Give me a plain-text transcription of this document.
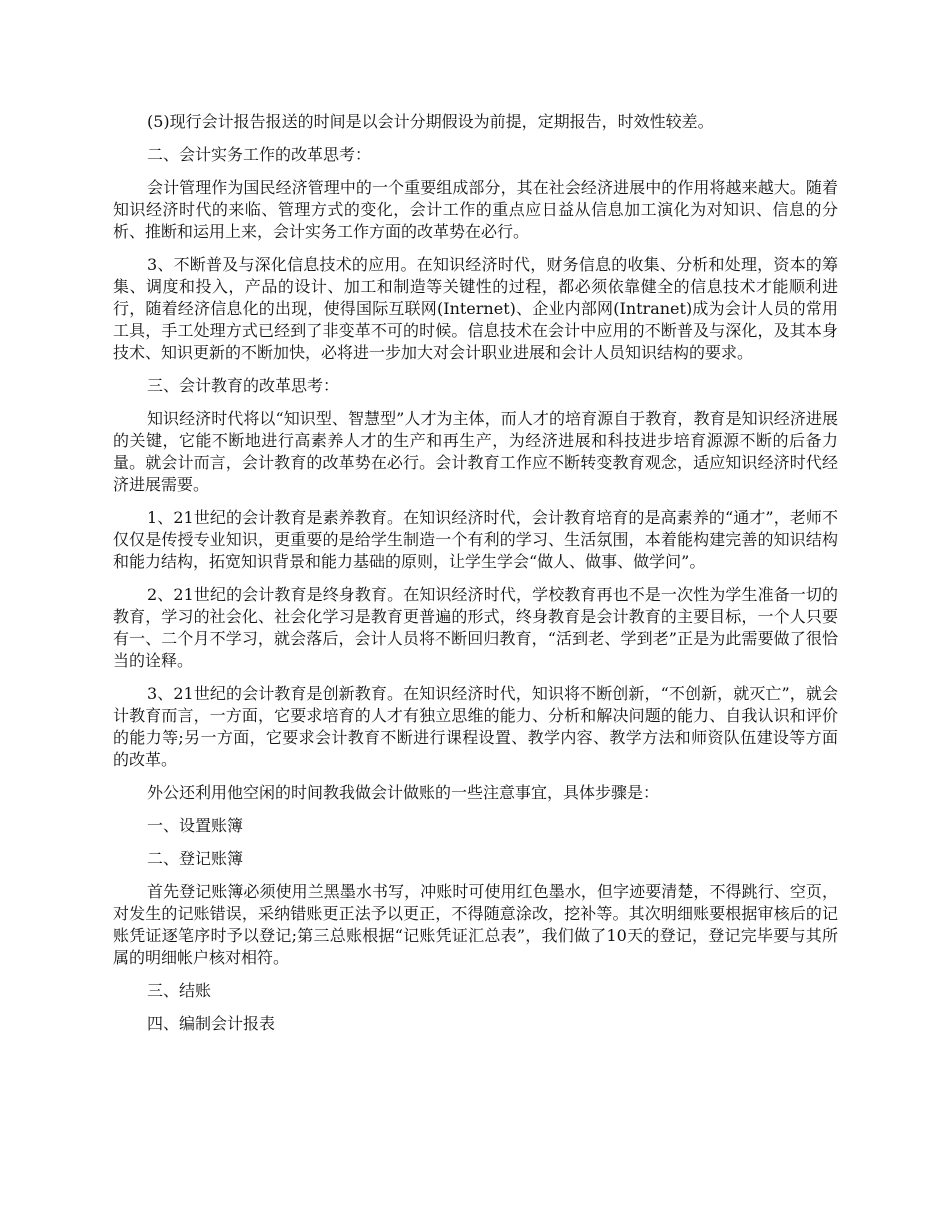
(5)现行会计报告报送的时间是以会计分期假设为前提，定期报告，时效性较差。

二、会计实务工作的改革思考：

会计管理作为国民经济管理中的一个重要组成部分，其在社会经济进展中的作用将越来越大。随着知识经济时代的来临、管理方式的变化，会计工作的重点应日益从信息加工演化为对知识、信息的分析、推断和运用上来，会计实务工作方面的改革势在必行。

3、不断普及与深化信息技术的应用。在知识经济时代，财务信息的收集、分析和处理，资本的筹集、调度和投入，产品的设计、加工和制造等关键性的过程，都必须依靠健全的信息技术才能顺利进行，随着经济信息化的出现，使得国际互联网(Internet)、企业内部网(Intranet)成为会计人员的常用工具，手工处理方式已经到了非变革不可的时候。信息技术在会计中应用的不断普及与深化，及其本身技术、知识更新的不断加快，必将进一步加大对会计职业进展和会计人员知识结构的要求。

三、会计教育的改革思考：

知识经济时代将以“知识型、智慧型”人才为主体，而人才的培育源自于教育，教育是知识经济进展的关键，它能不断地进行高素养人才的生产和再生产，为经济进展和科技进步培育源源不断的后备力量。就会计而言，会计教育的改革势在必行。会计教育工作应不断转变教育观念，适应知识经济时代经济进展需要。

1、21世纪的会计教育是素养教育。在知识经济时代，会计教育培育的是高素养的“通才”，老师不仅仅是传授专业知识，更重要的是给学生制造一个有利的学习、生活氛围，本着能构建完善的知识结构和能力结构，拓宽知识背景和能力基础的原则，让学生学会“做人、做事、做学问”。

2、21世纪的会计教育是终身教育。在知识经济时代，学校教育再也不是一次性为学生准备一切的教育，学习的社会化、社会化学习是教育更普遍的形式，终身教育是会计教育的主要目标，一个人只要有一、二个月不学习，就会落后，会计人员将不断回归教育，“活到老、学到老”正是为此需要做了很恰当的诠释。

3、21世纪的会计教育是创新教育。在知识经济时代，知识将不断创新，“不创新，就灭亡”，就会计教育而言，一方面，它要求培育的人才有独立思维的能力、分析和解决问题的能力、自我认识和评价的能力等;另一方面，它要求会计教育不断进行课程设置、教学内容、教学方法和师资队伍建设等方面的改革。

外公还利用他空闲的时间教我做会计做账的一些注意事宜，具体步骤是：

一、设置账簿

二、登记账簿

首先登记账簿必须使用兰黑墨水书写，冲账时可使用红色墨水，但字迹要清楚，不得跳行、空页，对发生的记账错误，采纳错账更正法予以更正，不得随意涂改，挖补等。其次明细账要根据审核后的记账凭证逐笔序时予以登记;第三总账根据“记账凭证汇总表”，我们做了10天的登记，登记完毕要与其所属的明细帐户核对相符。

三、结账

四、编制会计报表
